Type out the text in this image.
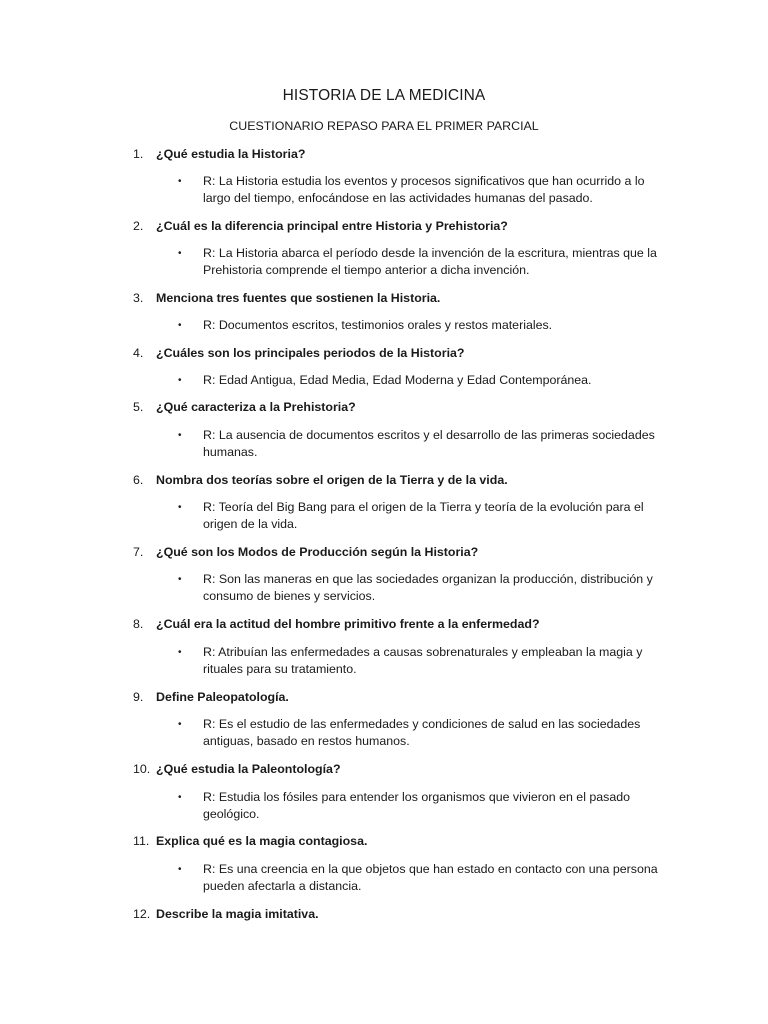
HISTORIA DE LA MEDICINA
CUESTIONARIO REPASO PARA EL PRIMER PARCIAL
1. ¿Qué estudia la Historia?
• R: La Historia estudia los eventos y procesos significativos que han ocurrido a lo largo del tiempo, enfocándose en las actividades humanas del pasado.
2. ¿Cuál es la diferencia principal entre Historia y Prehistoria?
• R: La Historia abarca el período desde la invención de la escritura, mientras que la Prehistoria comprende el tiempo anterior a dicha invención.
3. Menciona tres fuentes que sostienen la Historia.
• R: Documentos escritos, testimonios orales y restos materiales.
4. ¿Cuáles son los principales periodos de la Historia?
• R: Edad Antigua, Edad Media, Edad Moderna y Edad Contemporánea.
5. ¿Qué caracteriza a la Prehistoria?
• R: La ausencia de documentos escritos y el desarrollo de las primeras sociedades humanas.
6. Nombra dos teorías sobre el origen de la Tierra y de la vida.
• R: Teoría del Big Bang para el origen de la Tierra y teoría de la evolución para el origen de la vida.
7. ¿Qué son los Modos de Producción según la Historia?
• R: Son las maneras en que las sociedades organizan la producción, distribución y consumo de bienes y servicios.
8. ¿Cuál era la actitud del hombre primitivo frente a la enfermedad?
• R: Atribuían las enfermedades a causas sobrenaturales y empleaban la magia y rituales para su tratamiento.
9. Define Paleopatología.
• R: Es el estudio de las enfermedades y condiciones de salud en las sociedades antiguas, basado en restos humanos.
10. ¿Qué estudia la Paleontología?
• R: Estudia los fósiles para entender los organismos que vivieron en el pasado geológico.
11. Explica qué es la magia contagiosa.
• R: Es una creencia en la que objetos que han estado en contacto con una persona pueden afectarla a distancia.
12. Describe la magia imitativa.
